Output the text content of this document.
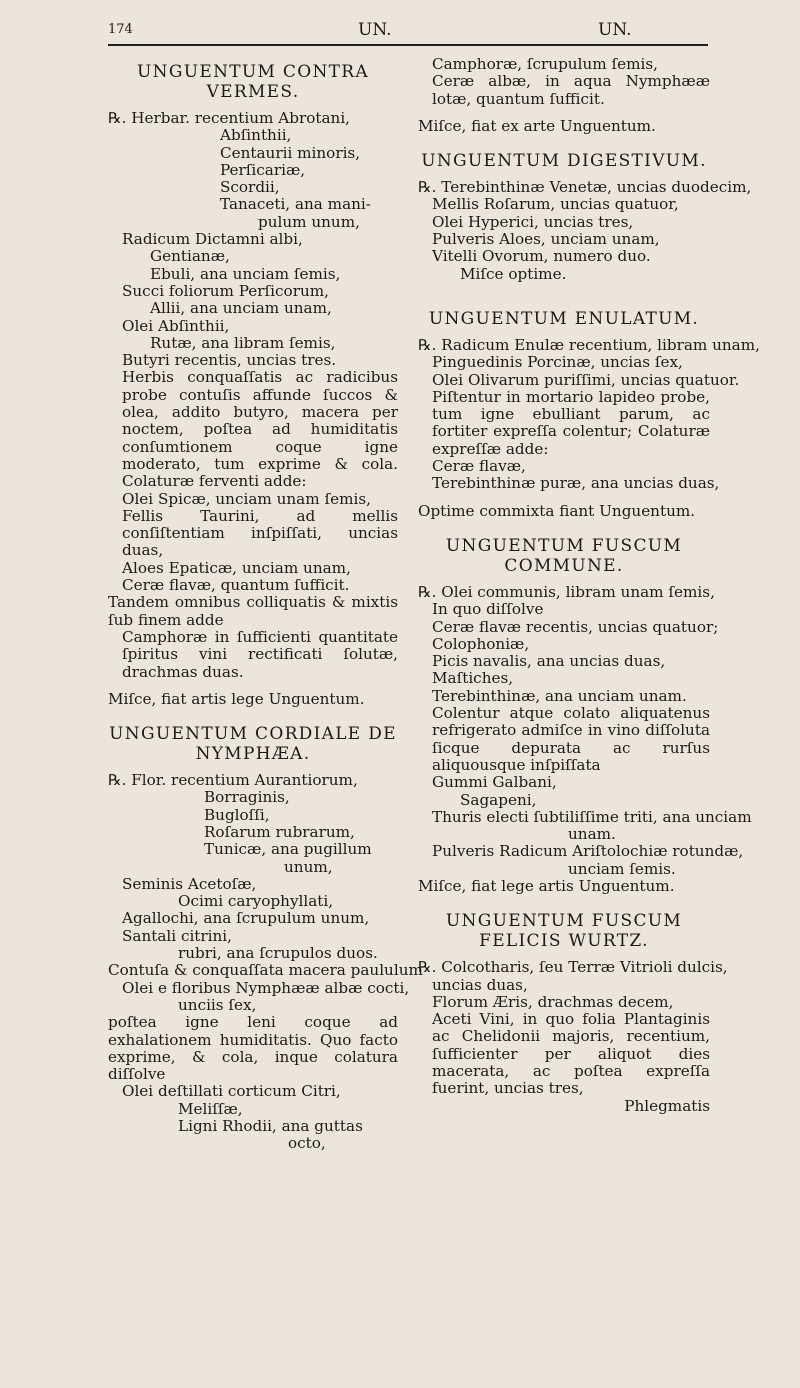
174	UN.	UN.
UNGUENTUM CONTRA VERMES.
℞. Herbar. recentium Abrotani,
Abſinthii,
Centaurii minoris,
Perſicariæ,
Scordii,
Tanaceti, ana mani-
pulum unum,
Radicum Dictamni albi,
Gentianæ,
Ebuli, ana unciam ſemis,
Succi foliorum Perſicorum,
Allii, ana unciam unam,
Olei Abſinthii,
Rutæ, ana libram ſemis,
Butyri recentis, uncias tres.

Herbis conquaſſatis ac radicibus probe contuſis affunde ſuccos & olea, addito butyro, macera per noctem, poſtea ad humiditatis conſumtionem coque igne moderato, tum exprime & cola. Colaturæ ferventi adde:

Olei Spicæ, unciam unam ſemis,

Fellis Taurini, ad mellis conſiſtentiam inſpiſſati, uncias duas,

Aloes Epaticæ, unciam unam,
Ceræ flavæ, quantum ſufficit.

Tandem omnibus colliquatis & mixtis ſub finem adde

Camphoræ in ſufficienti quantitate ſpiritus vini rectificati ſolutæ, drachmas duas.

Miſce, fiat artis lege Unguentum.
UNGUENTUM CORDIALE DE NYMPHÆA.
℞. Flor. recentium Aurantiorum,
Borraginis,
Bugloſſi,
Roſarum rubrarum,
Tunicæ, ana pugillum
unum,
Seminis Acetoſæ,
Ocimi caryophyllati,
Agallochi, ana ſcrupulum unum,
Santali citrini,
rubri, ana ſcrupulos duos.
Contuſa & conquaſſata macera paululum
Olei e floribus Nymphææ albæ cocti,
unciis ſex,

poſtea igne leni coque ad exhalationem humiditatis. Quo facto exprime, & cola, inque colatura diſſolve

Olei deſtillati corticum Citri,
Meliſſæ,
Ligni Rhodii, ana guttas
octo,
Camphoræ, ſcrupulum ſemis,

Ceræ albæ, in aqua Nymphææ lotæ, quantum ſufficit.

Miſce, fiat ex arte Unguentum.
UNGUENTUM DIGESTIVUM.
℞. Terebinthinæ Venetæ, uncias duodecim,
Mellis Roſarum, uncias quatuor,
Olei Hyperici, uncias tres,
Pulveris Aloes, unciam unam,
Vitelli Ovorum, numero duo.
Miſce optime.
UNGUENTUM ENULATUM.
℞. Radicum Enulæ recentium, libram unam,
Pinguedinis Porcinæ, uncias ſex,
Olei Olivarum puriſſimi, uncias quatuor.

Piſtentur in mortario lapideo probe, tum igne ebulliant parum, ac fortiter expreſſa colentur; Colaturæ expreſſæ adde:

Ceræ flavæ,
Terebinthinæ puræ, ana uncias duas,
Optime commixta fiant Unguentum.
UNGUENTUM FUSCUM COMMUNE.
℞. Olei communis, libram unam ſemis,
In quo diſſolve
Ceræ flavæ recentis, uncias quatuor;
Colophoniæ,
Picis navalis, ana uncias duas,
Maſtiches,
Terebinthinæ, ana unciam unam.

Colentur atque colato aliquatenus refrigerato admiſce in vino diſſoluta ſicque depurata ac rurſus aliquousque inſpiſſata

Gummi Galbani,
Sagapeni,
Thuris electi ſubtiliſſime triti, ana unciam
unam.
Pulveris Radicum Ariſtolochiæ rotundæ,
unciam ſemis.
Miſce, fiat lege artis Unguentum.
UNGUENTUM FUSCUM FELICIS WURTZ.
℞. Colcotharis, ſeu Terræ Vitrioli dulcis,
uncias duas,
Florum Æris, drachmas decem,

Aceti Vini, in quo folia Plantaginis ac Chelidonii majoris, recentium, ſufficienter per aliquot dies macerata, ac poſtea expreſſa fuerint, uncias tres,

Phlegmatis
